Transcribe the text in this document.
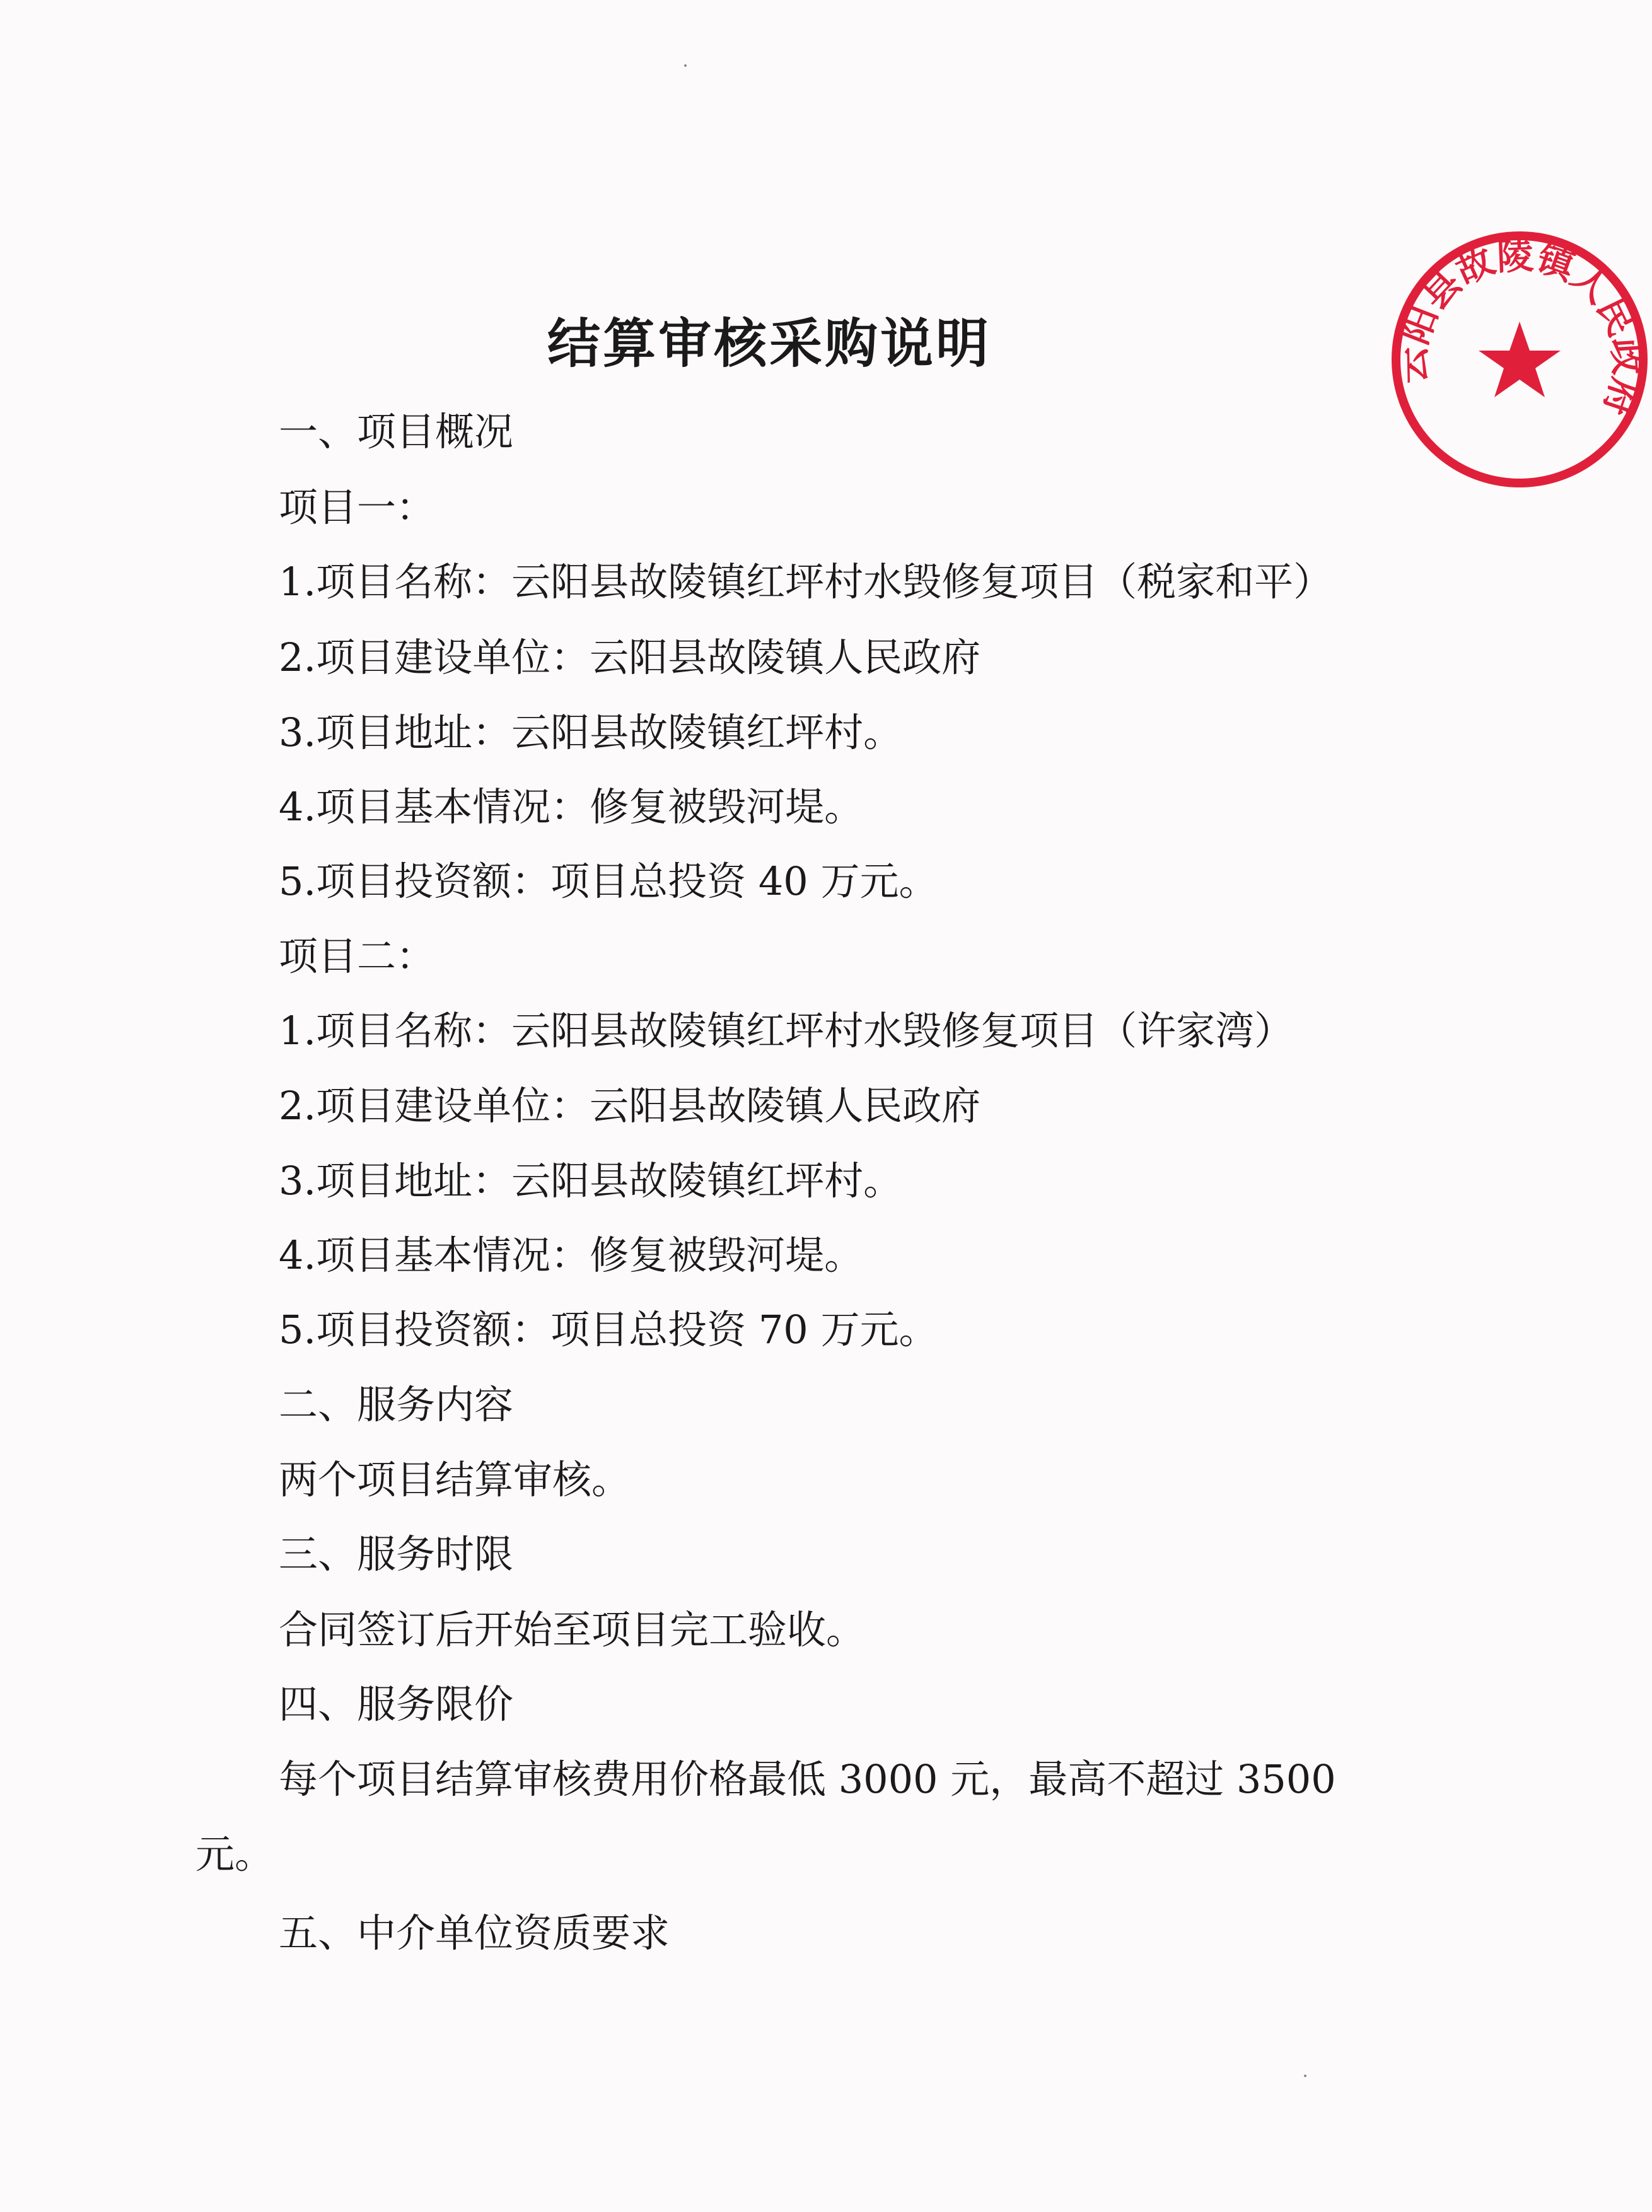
结算审核采购说明
一、项目概况
项目一：
1.项目名称：云阳县故陵镇红坪村水毁修复项目（税家和平）
2.项目建设单位：云阳县故陵镇人民政府
3.项目地址：云阳县故陵镇红坪村。
4.项目基本情况：修复被毁河堤。
5.项目投资额：项目总投资 40 万元。
项目二：
1.项目名称：云阳县故陵镇红坪村水毁修复项目（许家湾）
2.项目建设单位：云阳县故陵镇人民政府
3.项目地址：云阳县故陵镇红坪村。
4.项目基本情况：修复被毁河堤。
5.项目投资额：项目总投资 70 万元。
二、服务内容
两个项目结算审核。
三、服务时限
合同签订后开始至项目完工验收。
四、服务限价
每个项目结算审核费用价格最低 3000 元，最高不超过 3500
元。
五、中介单位资质要求
云阳县故陵镇人民政府
